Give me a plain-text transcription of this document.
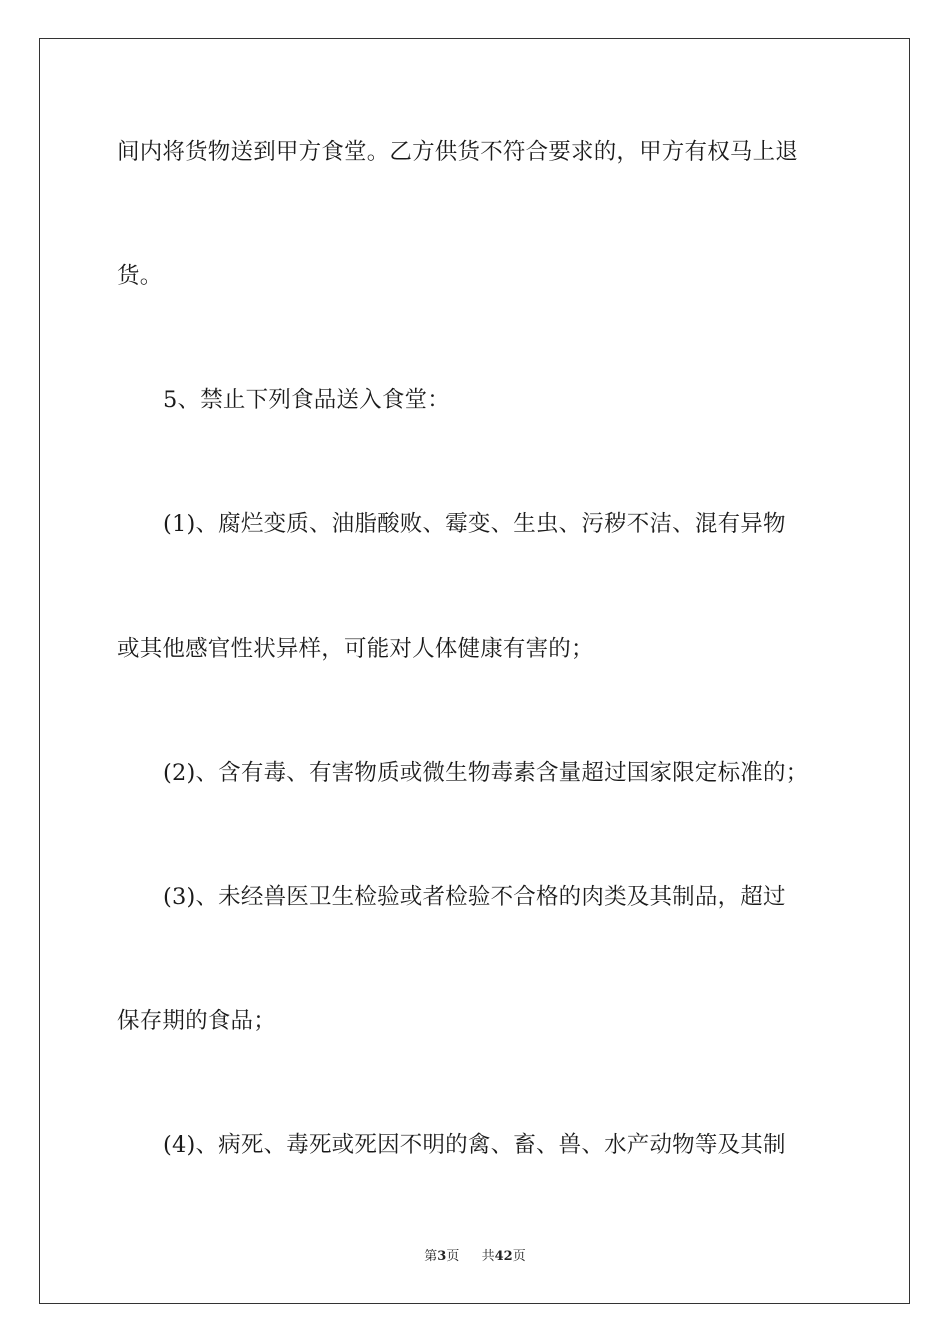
间内将货物送到甲方食堂。乙方供货不符合要求的，甲方有权马上退
货。
5、禁止下列食品送入食堂：
(1)、腐烂变质、油脂酸败、霉变、生虫、污秽不洁、混有异物
或其他感官性状异样，可能对人体健康有害的；
(2)、含有毒、有害物质或微生物毒素含量超过国家限定标准的；
(3)、未经兽医卫生检验或者检验不合格的肉类及其制品，超过
保存期的食品；
(4)、病死、毒死或死因不明的禽、畜、兽、水产动物等及其制
第3页 共42页
